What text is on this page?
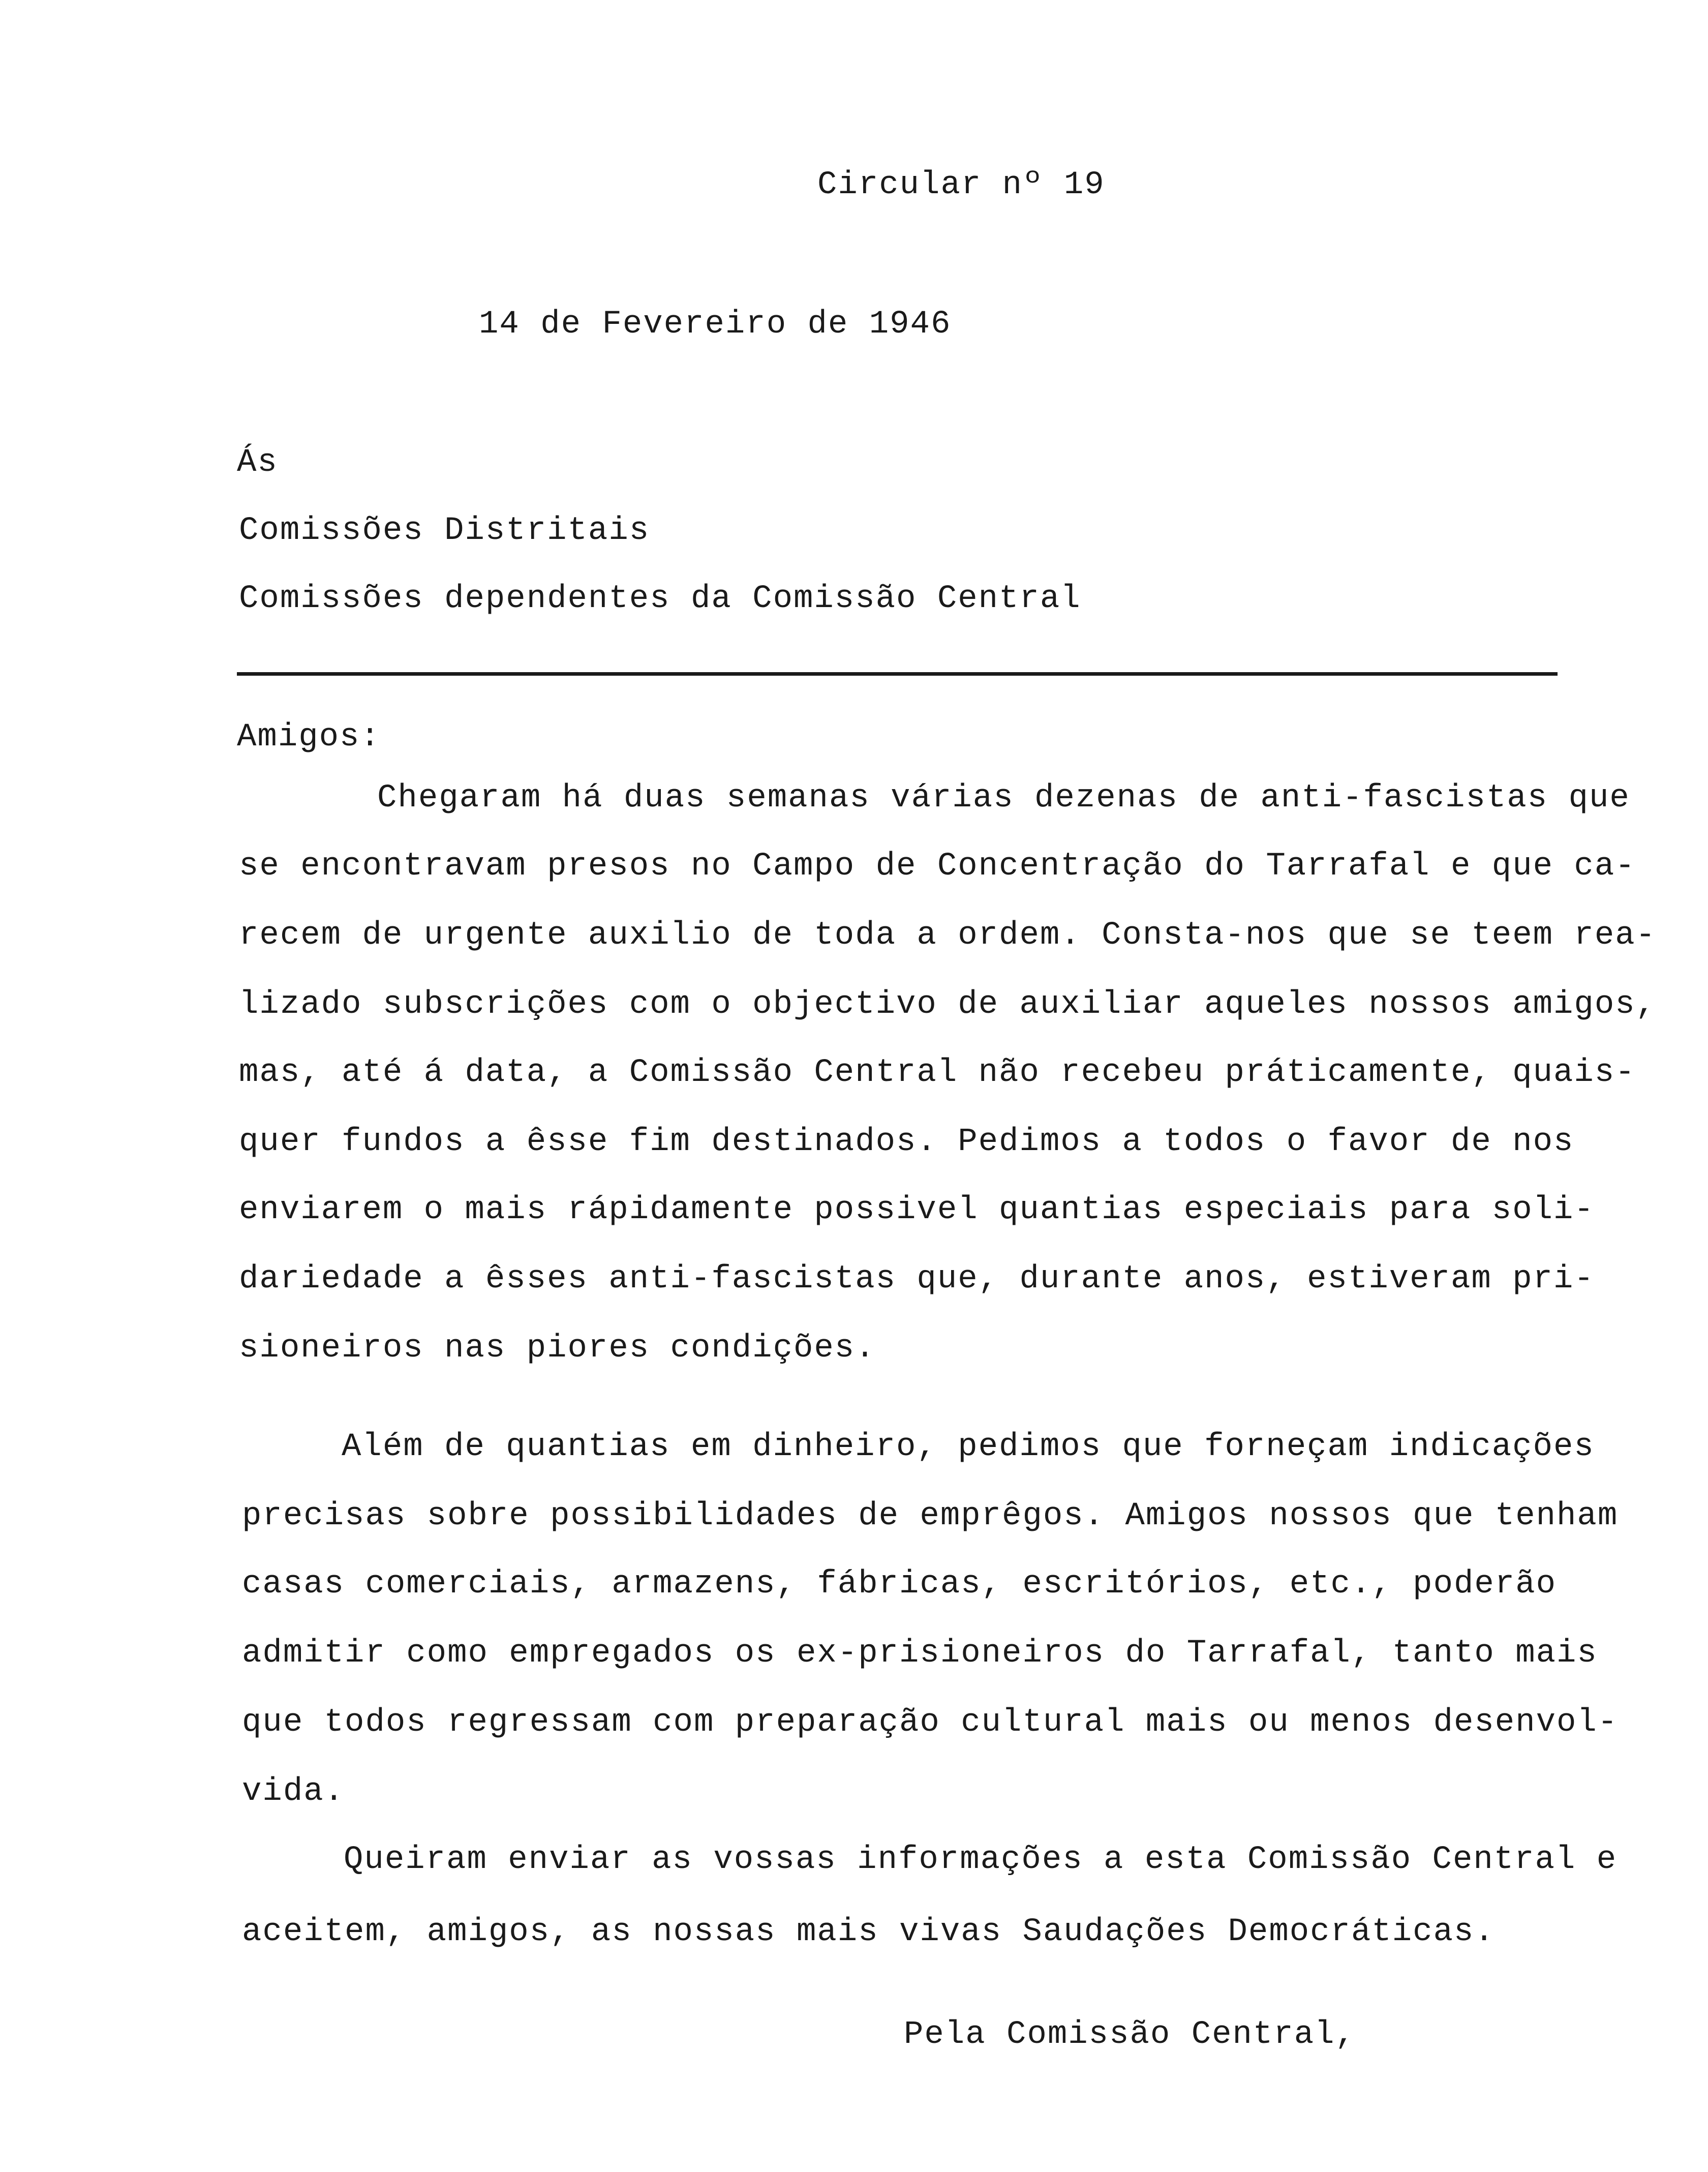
Circular nº 19
14 de Fevereiro de 1946
Ás
Comissões Distritais
Comissões dependentes da Comissão Central
Amigos:
Chegaram há duas semanas várias dezenas de anti-fascistas que
se encontravam presos no Campo de Concentração do Tarrafal e que ca-
recem de urgente auxilio de toda a ordem. Consta-nos que se teem rea-
lizado subscrições com o objectivo de auxiliar aqueles nossos amigos,
mas, até á data, a Comissão Central não recebeu práticamente, quais-
quer fundos a êsse fim destinados. Pedimos a todos o favor de nos
enviarem o mais rápidamente possivel quantias especiais para soli-
dariedade a êsses anti-fascistas que, durante anos, estiveram pri-
sioneiros nas piores condições.
Além de quantias em dinheiro, pedimos que forneçam indicações
precisas sobre possibilidades de emprêgos. Amigos nossos que tenham
casas comerciais, armazens, fábricas, escritórios, etc., poderão
admitir como empregados os ex-prisioneiros do Tarrafal, tanto mais
que todos regressam com preparação cultural mais ou menos desenvol-
vida.
Queiram enviar as vossas informações a esta Comissão Central e
aceitem, amigos, as nossas mais vivas Saudações Democráticas.
Pela Comissão Central,
